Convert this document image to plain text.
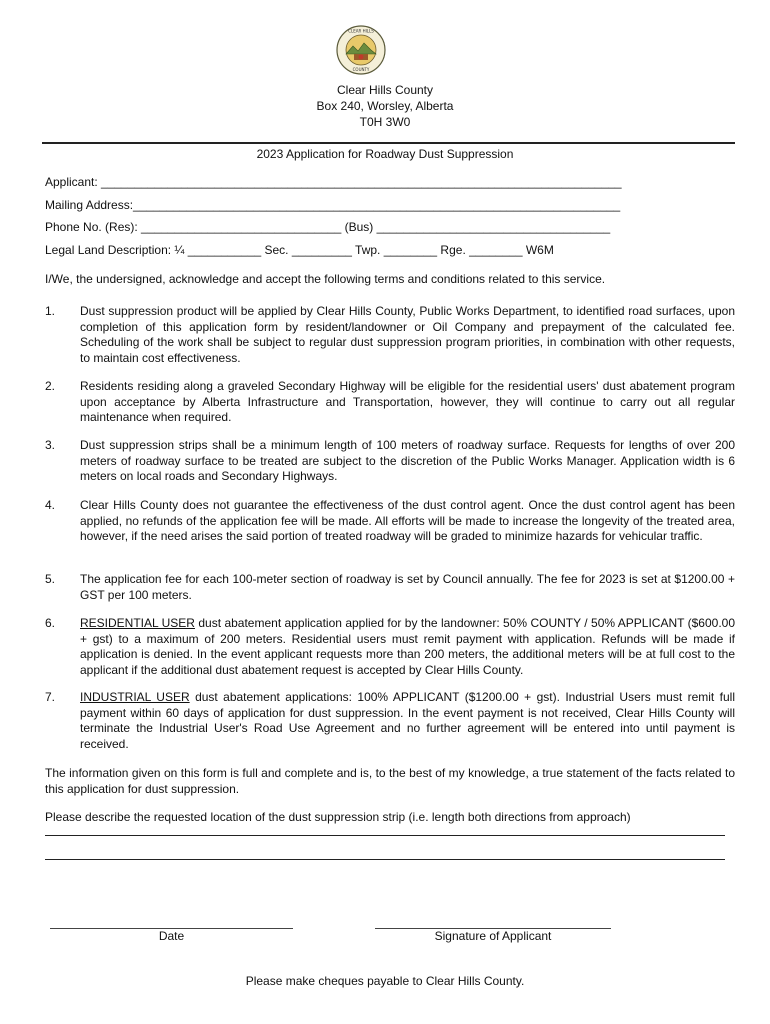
CLEAR HILLS
COUNTY
Clear Hills County
Box 240, Worsley, Alberta
T0H 3W0
2023 Application for Roadway Dust Suppression
Applicant: ______________________________________________________________________________
Mailing Address:_________________________________________________________________________
Phone No. (Res): ______________________________ (Bus) ___________________________________
Legal Land Description: ¼ ___________ Sec. _________ Twp. ________ Rge. ________ W6M
I/We, the undersigned, acknowledge and accept the following terms and conditions related to this service.
1. Dust suppression product will be applied by Clear Hills County, Public Works Department, to identified road surfaces, upon completion of this application form by resident/landowner or Oil Company and prepayment of the calculated fee. Scheduling of the work shall be subject to regular dust suppression program priorities, in combination with other requests, to maintain cost effectiveness.
2. Residents residing along a graveled Secondary Highway will be eligible for the residential users' dust abatement program upon acceptance by Alberta Infrastructure and Transportation, however, they will continue to carry out all regular maintenance when required.
3. Dust suppression strips shall be a minimum length of 100 meters of roadway surface. Requests for lengths of over 200 meters of roadway surface to be treated are subject to the discretion of the Public Works Manager. Application width is 6 meters on local roads and Secondary Highways.
4. Clear Hills County does not guarantee the effectiveness of the dust control agent. Once the dust control agent has been applied, no refunds of the application fee will be made. All efforts will be made to increase the longevity of the treated area, however, if the need arises the said portion of treated roadway will be graded to minimize hazards for vehicular traffic.
5. The application fee for each 100-meter section of roadway is set by Council annually. The fee for 2023 is set at $1200.00 + GST per 100 meters.
6. RESIDENTIAL USER dust abatement application applied for by the landowner: 50% COUNTY / 50% APPLICANT ($600.00 + gst) to a maximum of 200 meters. Residential users must remit payment with application. Refunds will be made if application is denied. In the event applicant requests more than 200 meters, the additional meters will be at full cost to the applicant if the additional dust abatement request is accepted by Clear Hills County.
7. INDUSTRIAL USER dust abatement applications: 100% APPLICANT ($1200.00 + gst). Industrial Users must remit full payment within 60 days of application for dust suppression. In the event payment is not received, Clear Hills County will terminate the Industrial User's Road Use Agreement and no further agreement will be entered into until payment is received.
The information given on this form is full and complete and is, to the best of my knowledge, a true statement of the facts related to this application for dust suppression.
Please describe the requested location of the dust suppression strip (i.e. length both directions from approach)
Date	Signature of Applicant
Please make cheques payable to Clear Hills County.
